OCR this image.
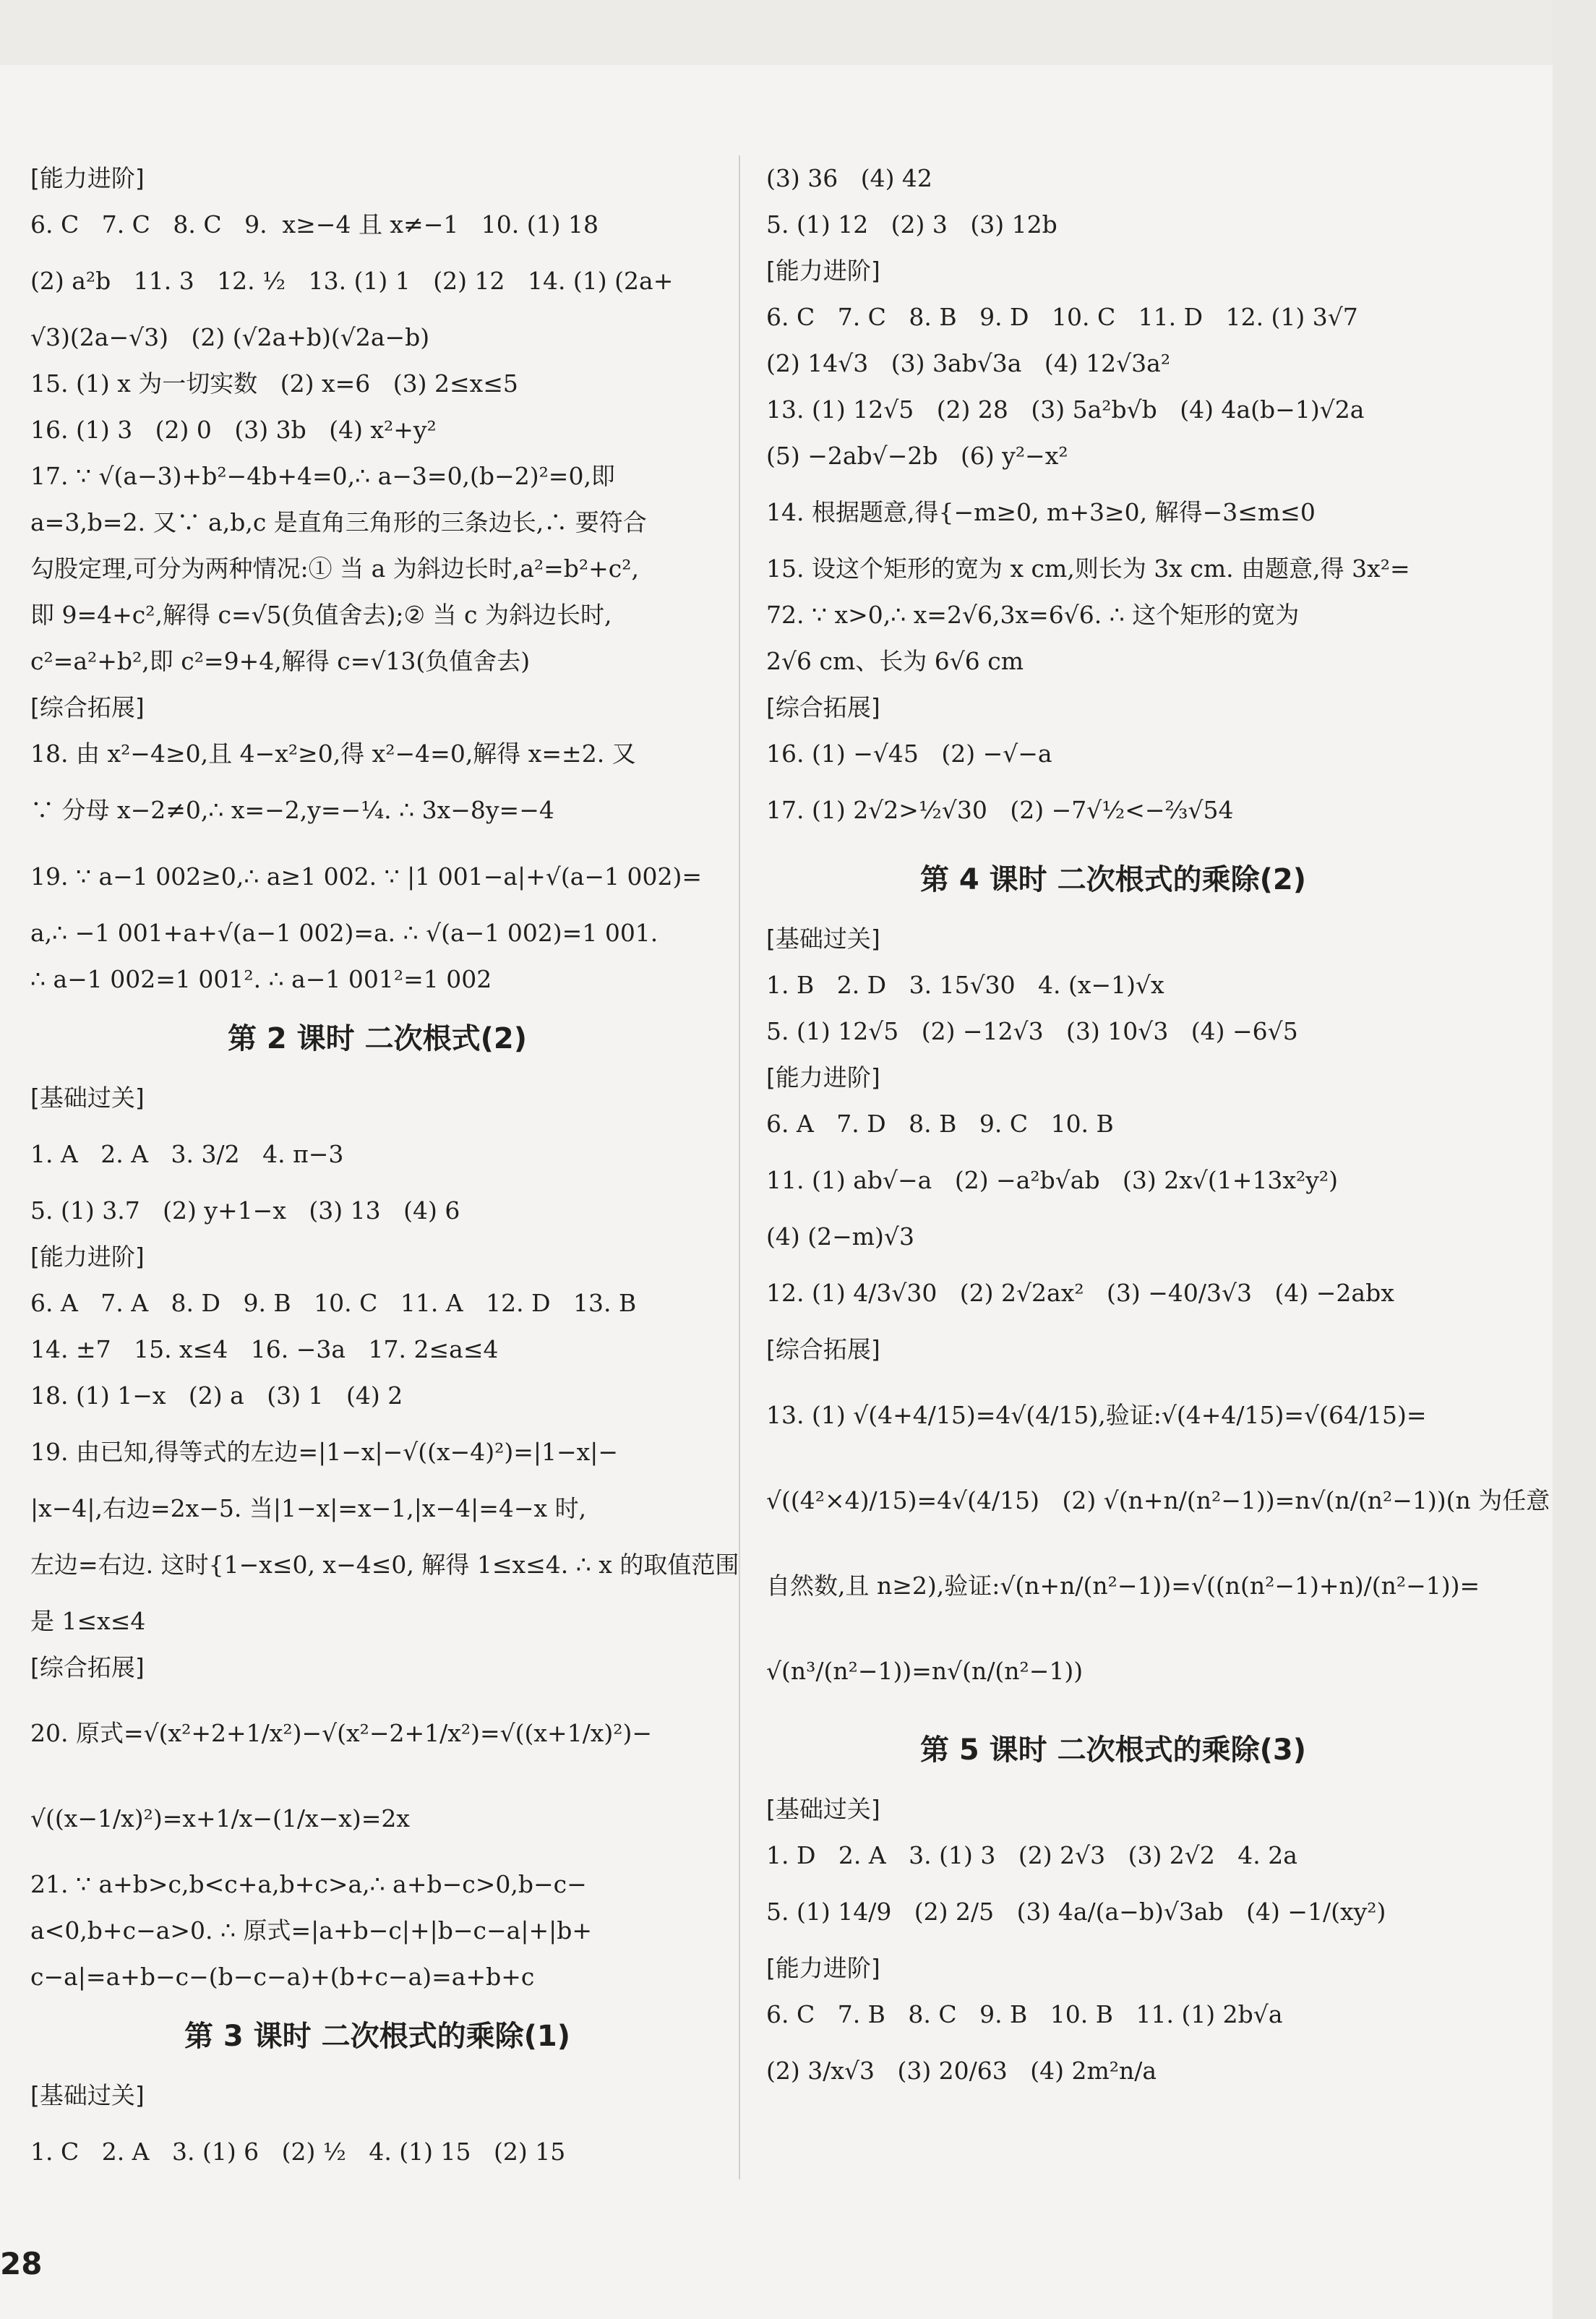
[能力进阶]
6. C   7. C   8. C   9.  x≥−4 且 x≠−1   10. (1) 18
(2) a²b   11. 3   12. ½   13. (1) 1   (2) 12   14. (1) (2a+
√3)(2a−√3)   (2) (√2a+b)(√2a−b)
15. (1) x 为一切实数   (2) x=6   (3) 2≤x≤5
16. (1) 3   (2) 0   (3) 3b   (4) x²+y²
17. ∵ √(a−3)+b²−4b+4=0,∴ a−3=0,(b−2)²=0,即
a=3,b=2. 又∵ a,b,c 是直角三角形的三条边长,∴ 要符合
勾股定理,可分为两种情况:① 当 a 为斜边长时,a²=b²+c²,
即 9=4+c²,解得 c=√5(负值舍去);② 当 c 为斜边长时,
c²=a²+b²,即 c²=9+4,解得 c=√13(负值舍去)
[综合拓展]
18. 由 x²−4≥0,且 4−x²≥0,得 x²−4=0,解得 x=±2. 又
∵ 分母 x−2≠0,∴ x=−2,y=−¼. ∴ 3x−8y=−4
19. ∵ a−1 002≥0,∴ a≥1 002. ∵ |1 001−a|+√(a−1 002)=
a,∴ −1 001+a+√(a−1 002)=a. ∴ √(a−1 002)=1 001.
∴ a−1 002=1 001². ∴ a−1 001²=1 002
第 2 课时 二次根式(2)
[基础过关]
1. A   2. A   3. 3/2   4. π−3
5. (1) 3.7   (2) y+1−x   (3) 13   (4) 6
[能力进阶]
6. A   7. A   8. D   9. B   10. C   11. A   12. D   13. B
14. ±7   15. x≤4   16. −3a   17. 2≤a≤4
18. (1) 1−x   (2) a   (3) 1   (4) 2
19. 由已知,得等式的左边=|1−x|−√((x−4)²)=|1−x|−
|x−4|,右边=2x−5. 当|1−x|=x−1,|x−4|=4−x 时,
左边=右边. 这时{1−x≤0, x−4≤0, 解得 1≤x≤4. ∴ x 的取值范围
是 1≤x≤4
[综合拓展]
20. 原式=√(x²+2+1/x²)−√(x²−2+1/x²)=√((x+1/x)²)−
√((x−1/x)²)=x+1/x−(1/x−x)=2x
21. ∵ a+b>c,b<c+a,b+c>a,∴ a+b−c>0,b−c−
a<0,b+c−a>0. ∴ 原式=|a+b−c|+|b−c−a|+|b+
c−a|=a+b−c−(b−c−a)+(b+c−a)=a+b+c
第 3 课时 二次根式的乘除(1)
[基础过关]
1. C   2. A   3. (1) 6   (2) ½   4. (1) 15   (2) 15
(3) 36   (4) 42
5. (1) 12   (2) 3   (3) 12b
[能力进阶]
6. C   7. C   8. B   9. D   10. C   11. D   12. (1) 3√7
(2) 14√3   (3) 3ab√3a   (4) 12√3a²
13. (1) 12√5   (2) 28   (3) 5a²b√b   (4) 4a(b−1)√2a
(5) −2ab√−2b   (6) y²−x²
14. 根据题意,得{−m≥0, m+3≥0, 解得−3≤m≤0
15. 设这个矩形的宽为 x cm,则长为 3x cm. 由题意,得 3x²=
72. ∵ x>0,∴ x=2√6,3x=6√6. ∴ 这个矩形的宽为
2√6 cm、长为 6√6 cm
[综合拓展]
16. (1) −√45   (2) −√−a
17. (1) 2√2>½√30   (2) −7√½<−⅔√54
第 4 课时 二次根式的乘除(2)
[基础过关]
1. B   2. D   3. 15√30   4. (x−1)√x
5. (1) 12√5   (2) −12√3   (3) 10√3   (4) −6√5
[能力进阶]
6. A   7. D   8. B   9. C   10. B
11. (1) ab√−a   (2) −a²b√ab   (3) 2x√(1+13x²y²)
(4) (2−m)√3
12. (1) 4/3√30   (2) 2√2ax²   (3) −40/3√3   (4) −2abx
[综合拓展]
13. (1) √(4+4/15)=4√(4/15),验证:√(4+4/15)=√(64/15)=
√((4²×4)/15)=4√(4/15)   (2) √(n+n/(n²−1))=n√(n/(n²−1))(n 为任意
自然数,且 n≥2),验证:√(n+n/(n²−1))=√((n(n²−1)+n)/(n²−1))=
√(n³/(n²−1))=n√(n/(n²−1))
第 5 课时 二次根式的乘除(3)
[基础过关]
1. D   2. A   3. (1) 3   (2) 2√3   (3) 2√2   4. 2a
5. (1) 14/9   (2) 2/5   (3) 4a/(a−b)√3ab   (4) −1/(xy²)
[能力进阶]
6. C   7. B   8. C   9. B   10. B   11. (1) 2b√a
(2) 3/x√3   (3) 20/63   (4) 2m²n/a
28
